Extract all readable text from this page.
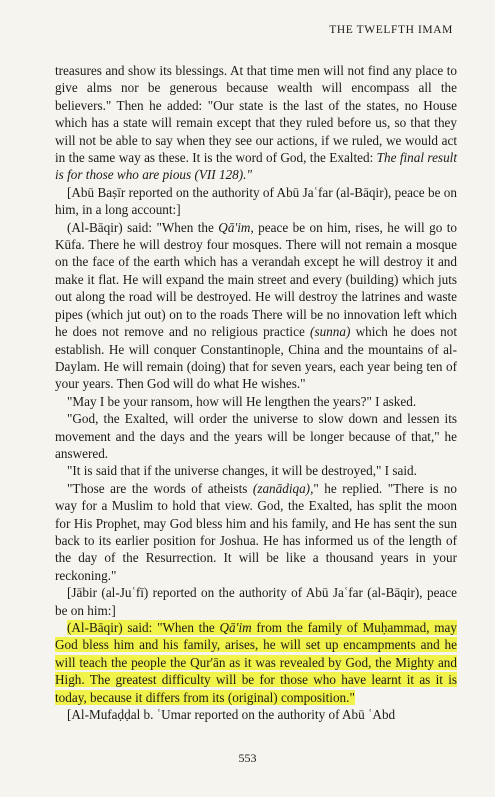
THE TWELFTH IMAM

treasures and show its blessings. At that time men will not find any place to give alms nor be generous because wealth will encompass all the believers." Then he added: "Our state is the last of the states, no House which has a state will remain except that they ruled before us, so that they will not be able to say when they see our actions, if we ruled, we would act in the same way as these. It is the word of God, the Exalted: The final result is for those who are pious (VII 128)."

[Abū Baṣīr reported on the authority of Abū Jaʿfar (al-Bāqir), peace be on him, in a long account:]

(Al-Bāqir) said: "When the Qā'im, peace be on him, rises, he will go to Kūfa. There he will destroy four mosques. There will not remain a mosque on the face of the earth which has a verandah except he will destroy it and make it flat. He will expand the main street and every (building) which juts out along the road will be destroyed. He will destroy the latrines and waste pipes (which jut out) on to the roads There will be no innovation left which he does not remove and no religious practice (sunna) which he does not establish. He will conquer Constantinople, China and the mountains of al-Daylam. He will remain (doing) that for seven years, each year being ten of your years. Then God will do what He wishes."

"May I be your ransom, how will He lengthen the years?" I asked.

"God, the Exalted, will order the universe to slow down and lessen its movement and the days and the years will be longer because of that," he answered.

"It is said that if the universe changes, it will be destroyed," I said.

"Those are the words of atheists (zanādiqa)," he replied. "There is no way for a Muslim to hold that view. God, the Exalted, has split the moon for His Prophet, may God bless him and his family, and He has sent the sun back to its earlier position for Joshua. He has informed us of the length of the day of the Resurrection. It will be like a thousand years in your reckoning."

[Jābir (al-Juʿfī) reported on the authority of Abū Jaʿfar (al-Bāqir), peace be on him:]

(Al-Bāqir) said: "When the Qā'im from the family of Muḥammad, may God bless him and his family, arises, he will set up encampments and he will teach the people the Qur'ān as it was revealed by God, the Mighty and High. The greatest difficulty will be for those who have learnt it as it is today, because it differs from its (original) composition."

[Al-Mufaḍḍal b. ʿUmar reported on the authority of Abū ʿAbd

553
